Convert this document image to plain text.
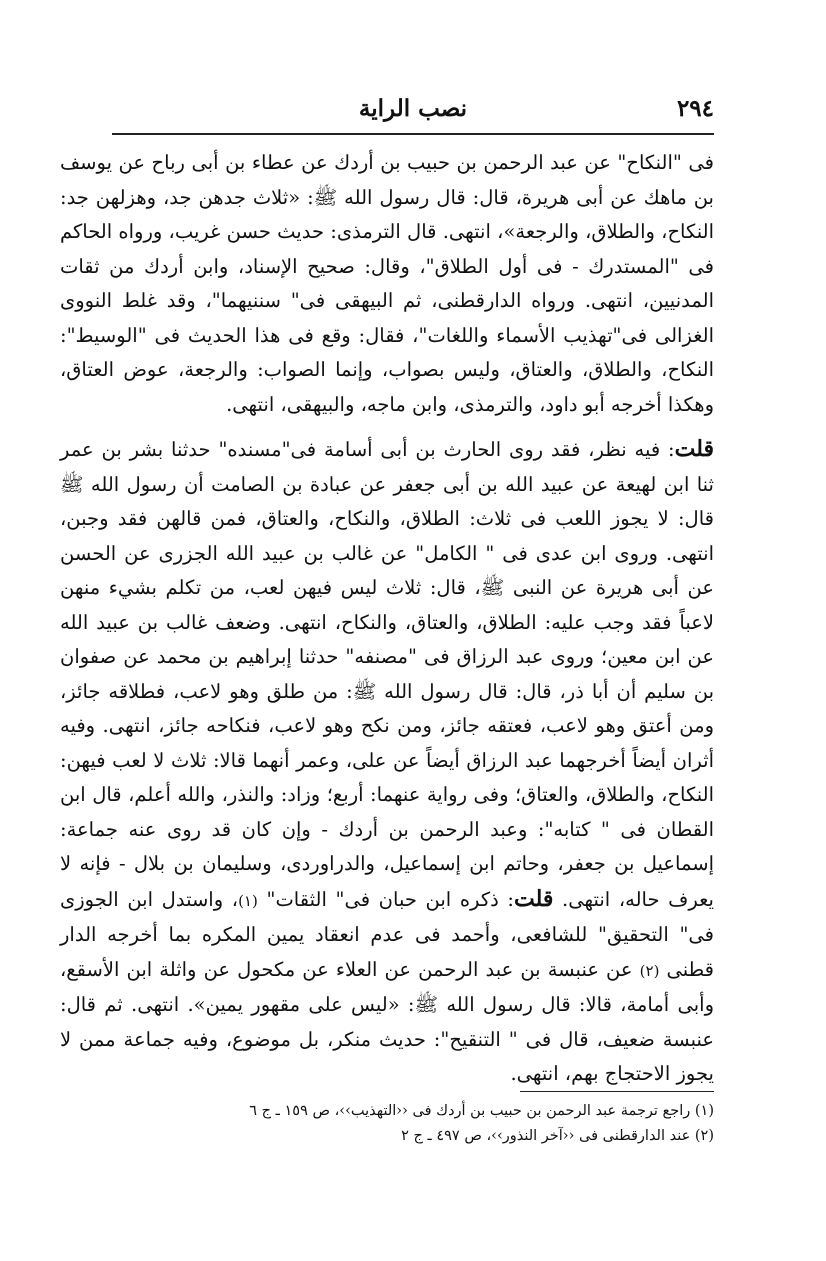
٢٩٤
نصب الراية

فى "النكاح" عن عبد الرحمن بن حبيب بن أردك عن عطاء بن أبى رباح عن يوسف بن ماهك عن أبى هريرة، قال: قال رسول الله ﷺ: «ثلاث جدهن جد، وهزلهن جد: النكاح، والطلاق، والرجعة»، انتهى. قال الترمذى: حديث حسن غريب، ورواه الحاكم فى "المستدرك - فى أول الطلاق"، وقال: صحيح الإسناد، وابن أردك من ثقات المدنيين، انتهى. ورواه الدارقطنى، ثم البيهقى فى" سننيهما"، وقد غلط النووى الغزالى فى"تهذيب الأسماء واللغات"، فقال: وقع فى هذا الحديث فى "الوسيط": النكاح، والطلاق، والعتاق، وليس بصواب، وإنما الصواب: والرجعة، عوض العتاق، وهكذا أخرجه أبو داود، والترمذى، وابن ماجه، والبيهقى، انتهى.

قلت: فيه نظر، فقد روى الحارث بن أبى أسامة فى"مسنده" حدثنا بشر بن عمر ثنا ابن لهيعة عن عبيد الله بن أبى جعفر عن عبادة بن الصامت أن رسول الله ﷺ قال: لا يجوز اللعب فى ثلاث: الطلاق، والنكاح، والعتاق، فمن قالهن فقد وجبن، انتهى. وروى ابن عدى فى " الكامل" عن غالب بن عبيد الله الجزرى عن الحسن عن أبى هريرة عن النبى ﷺ، قال: ثلاث ليس فيهن لعب، من تكلم بشيء منهن لاعباً فقد وجب عليه: الطلاق، والعتاق، والنكاح، انتهى. وضعف غالب بن عبيد الله عن ابن معين؛ وروى عبد الرزاق فى "مصنفه" حدثنا إبراهيم بن محمد عن صفوان بن سليم أن أبا ذر، قال: قال رسول الله ﷺ: من طلق وهو لاعب، فطلاقه جائز، ومن أعتق وهو لاعب، فعتقه جائز، ومن نكح وهو لاعب، فنكاحه جائز، انتهى. وفيه أثران أيضاً أخرجهما عبد الرزاق أيضاً عن على، وعمر أنهما قالا: ثلاث لا لعب فيهن: النكاح، والطلاق، والعتاق؛ وفى رواية عنهما: أربع؛ وزاد: والنذر، والله أعلم، قال ابن القطان فى " كتابه": وعبد الرحمن بن أردك - وإن كان قد روى عنه جماعة: إسماعيل بن جعفر، وحاتم ابن إسماعيل، والدراوردى، وسليمان بن بلال - فإنه لا يعرف حاله، انتهى. قلت: ذكره ابن حبان فى" الثقات" (١)، واستدل ابن الجوزى فى" التحقيق" للشافعى، وأحمد فى عدم انعقاد يمين المكره بما أخرجه الدار قطنى (٢) عن عنبسة بن عبد الرحمن عن العلاء عن مكحول عن واثلة ابن الأسقع، وأبى أمامة، قالا: قال رسول الله ﷺ: «ليس على مقهور يمين». انتهى. ثم قال: عنبسة ضعيف، قال فى " التنقيح": حديث منكر، بل موضوع، وفيه جماعة ممن لا يجوز الاحتجاج بهم، انتهى.

(١) راجع ترجمة عبد الرحمن بن حبيب بن أردك فى ‹‹التهذيب››، ص ١٥٩ ـ ج ٦

(٢) عند الدارقطنى فى ‹‹آخر النذور››، ص ٤٩٧ ـ ج ٢
